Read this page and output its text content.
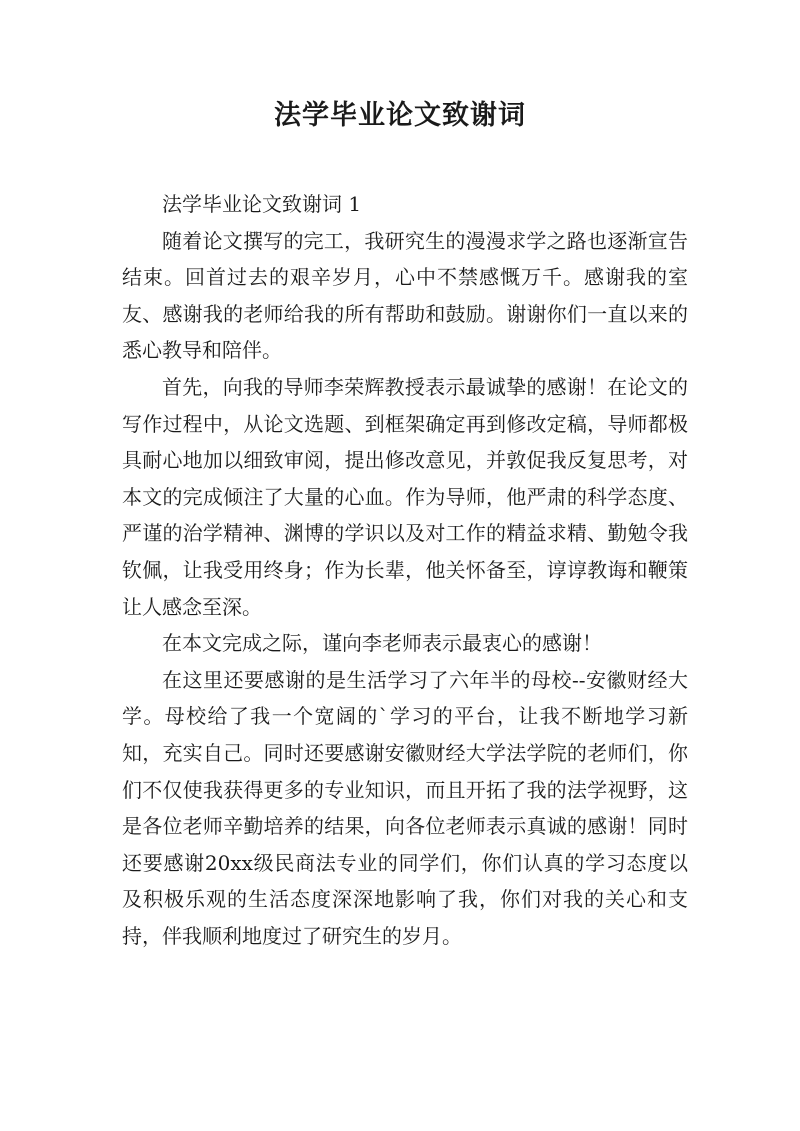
法学毕业论文致谢词

法学毕业论文致谢词 1

随着论文撰写的完工，我研究生的漫漫求学之路也逐渐宣告结束。回首过去的艰辛岁月，心中不禁感慨万千。感谢我的室友、感谢我的老师给我的所有帮助和鼓励。谢谢你们一直以来的悉心教导和陪伴。

首先，向我的导师李荣辉教授表示最诚挚的感谢！在论文的写作过程中，从论文选题、到框架确定再到修改定稿，导师都极具耐心地加以细致审阅，提出修改意见，并敦促我反复思考，对本文的完成倾注了大量的心血。作为导师，他严肃的科学态度、严谨的治学精神、渊博的学识以及对工作的精益求精、勤勉令我钦佩，让我受用终身；作为长辈，他关怀备至，谆谆教诲和鞭策让人感念至深。

在本文完成之际，谨向李老师表示最衷心的感谢！

在这里还要感谢的是生活学习了六年半的母校--安徽财经大学。母校给了我一个宽阔的`学习的平台，让我不断地学习新知，充实自己。同时还要感谢安徽财经大学法学院的老师们，你们不仅使我获得更多的专业知识，而且开拓了我的法学视野，这是各位老师辛勤培养的结果，向各位老师表示真诚的感谢！同时还要感谢20xx级民商法专业的同学们，你们认真的学习态度以及积极乐观的生活态度深深地影响了我，你们对我的关心和支持，伴我顺利地度过了研究生的岁月。
